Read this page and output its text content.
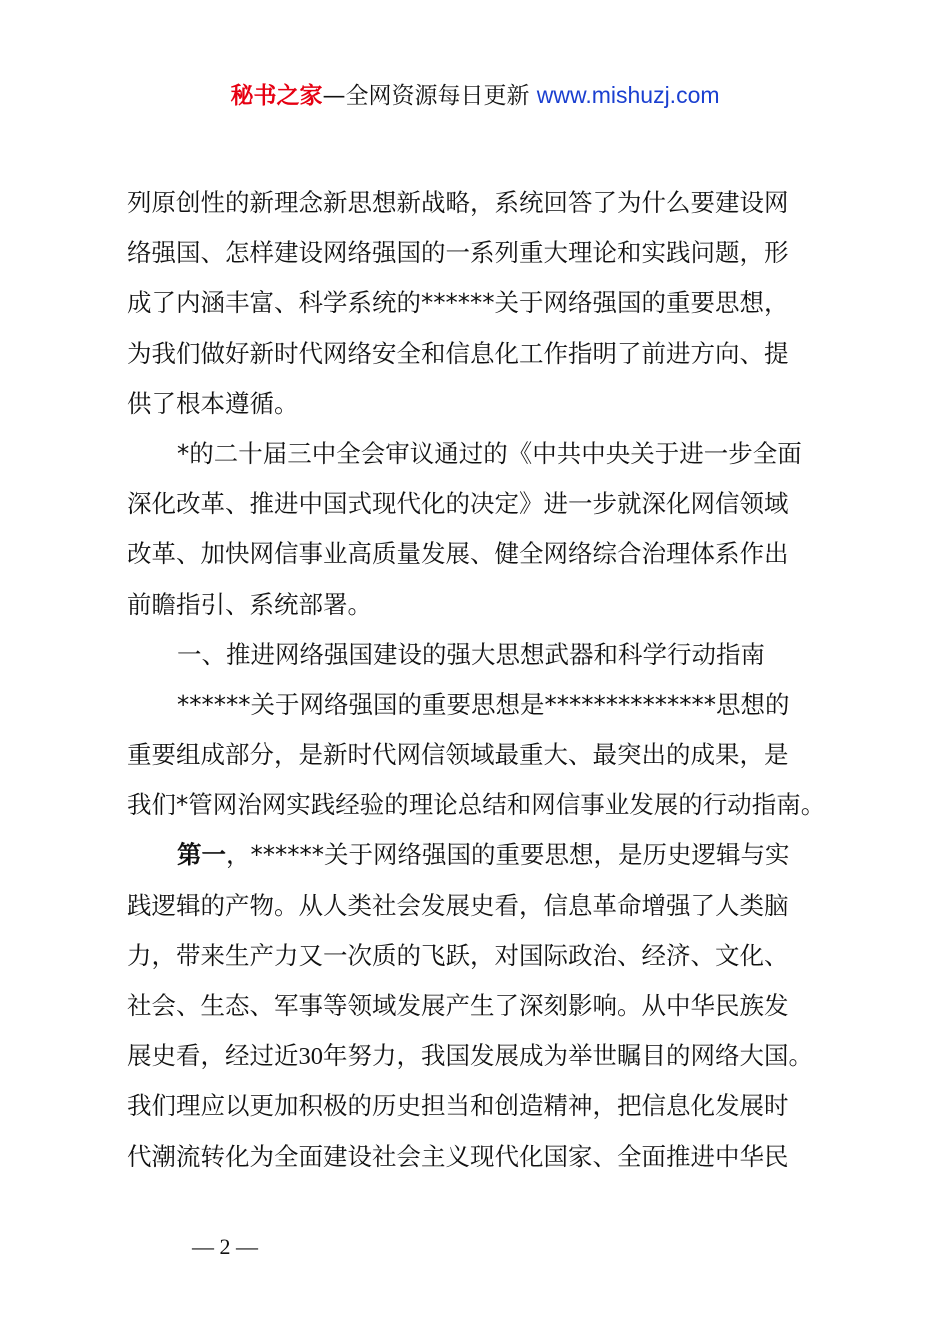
秘书之家—全网资源每日更新 www.mishuzj.com
列原创性的新理念新思想新战略，系统回答了为什么要建设网
络强国、怎样建设网络强国的一系列重大理论和实践问题，形
成了内涵丰富、科学系统的******关于网络强国的重要思想，
为我们做好新时代网络安全和信息化工作指明了前进方向、提
供了根本遵循。
*的二十届三中全会审议通过的《中共中央关于进一步全面
深化改革、推进中国式现代化的决定》进一步就深化网信领域
改革、加快网信事业高质量发展、健全网络综合治理体系作出
前瞻指引、系统部署。
一、推进网络强国建设的强大思想武器和科学行动指南
******关于网络强国的重要思想是**************思想的
重要组成部分，是新时代网信领域最重大、最突出的成果，是
我们*管网治网实践经验的理论总结和网信事业发展的行动指南。
第一，******关于网络强国的重要思想，是历史逻辑与实
践逻辑的产物。从人类社会发展史看，信息革命增强了人类脑
力，带来生产力又一次质的飞跃，对国际政治、经济、文化、
社会、生态、军事等领域发展产生了深刻影响。从中华民族发
展史看，经过近30年努力，我国发展成为举世瞩目的网络大国。
我们理应以更加积极的历史担当和创造精神，把信息化发展时
代潮流转化为全面建设社会主义现代化国家、全面推进中华民
— 2 —
